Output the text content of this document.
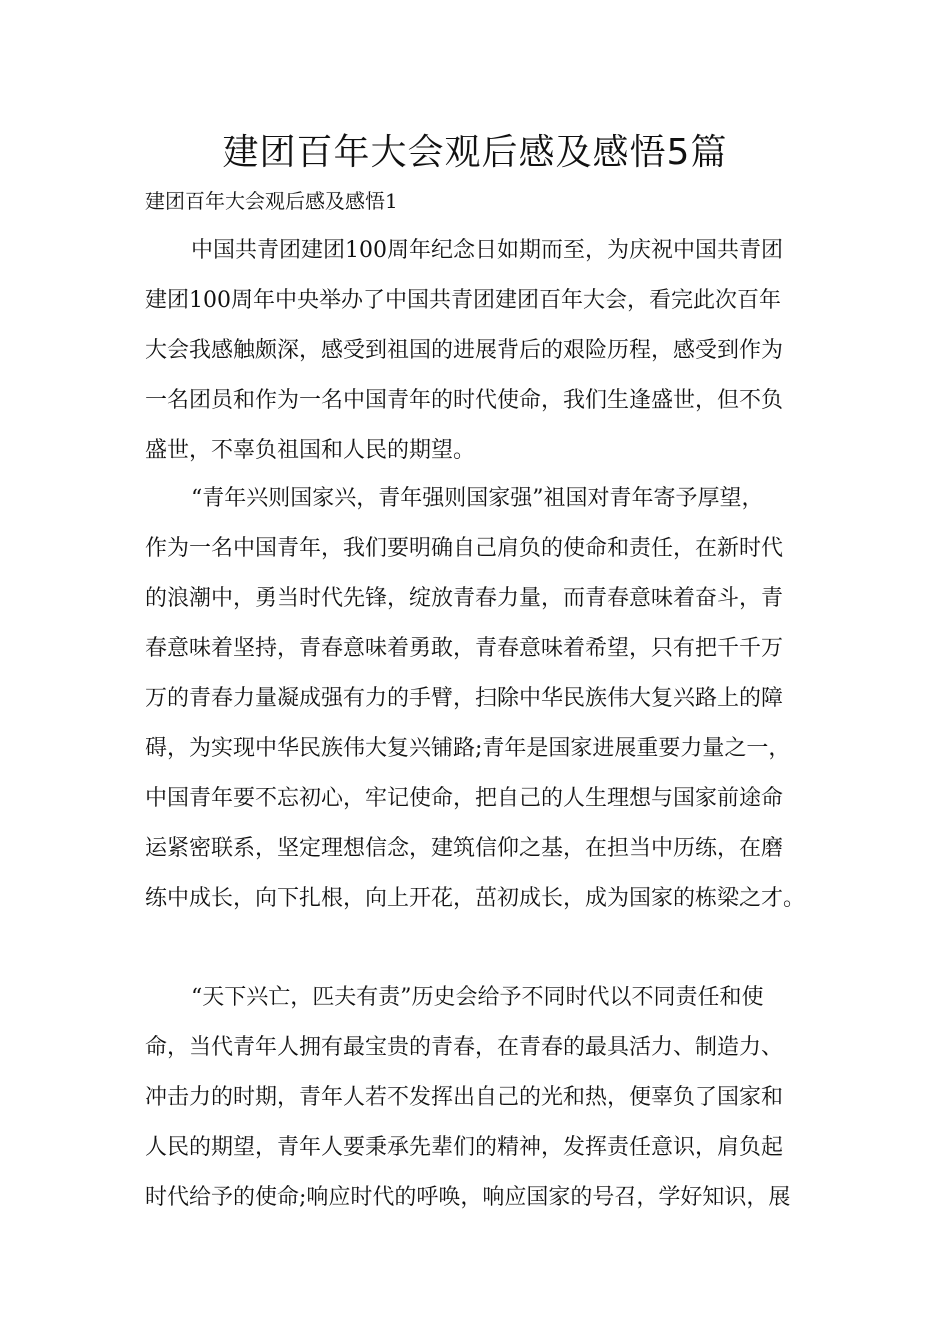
建团百年大会观后感及感悟5篇

建团百年大会观后感及感悟1

中国共青团建团100周年纪念日如期而至，为庆祝中国共青团
建团100周年中央举办了中国共青团建团百年大会，看完此次百年
大会我感触颇深，感受到祖国的进展背后的艰险历程，感受到作为
一名团员和作为一名中国青年的时代使命，我们生逢盛世，但不负
盛世，不辜负祖国和人民的期望。
“青年兴则国家兴，青年强则国家强”祖国对青年寄予厚望，
作为一名中国青年，我们要明确自己肩负的使命和责任，在新时代
的浪潮中，勇当时代先锋，绽放青春力量，而青春意味着奋斗，青
春意味着坚持，青春意味着勇敢，青春意味着希望，只有把千千万
万的青春力量凝成强有力的手臂，扫除中华民族伟大复兴路上的障
碍，为实现中华民族伟大复兴铺路;青年是国家进展重要力量之一，
中国青年要不忘初心，牢记使命，把自己的人生理想与国家前途命
运紧密联系，坚定理想信念，建筑信仰之基，在担当中历练，在磨
练中成长，向下扎根，向上开花，茁初成长，成为国家的栋梁之才。
“天下兴亡，匹夫有责”历史会给予不同时代以不同责任和使
命，当代青年人拥有最宝贵的青春，在青春的最具活力、制造力、
冲击力的时期，青年人若不发挥出自己的光和热，便辜负了国家和
人民的期望，青年人要秉承先辈们的精神，发挥责任意识，肩负起
时代给予的使命;响应时代的呼唤，响应国家的号召，学好知识，展
